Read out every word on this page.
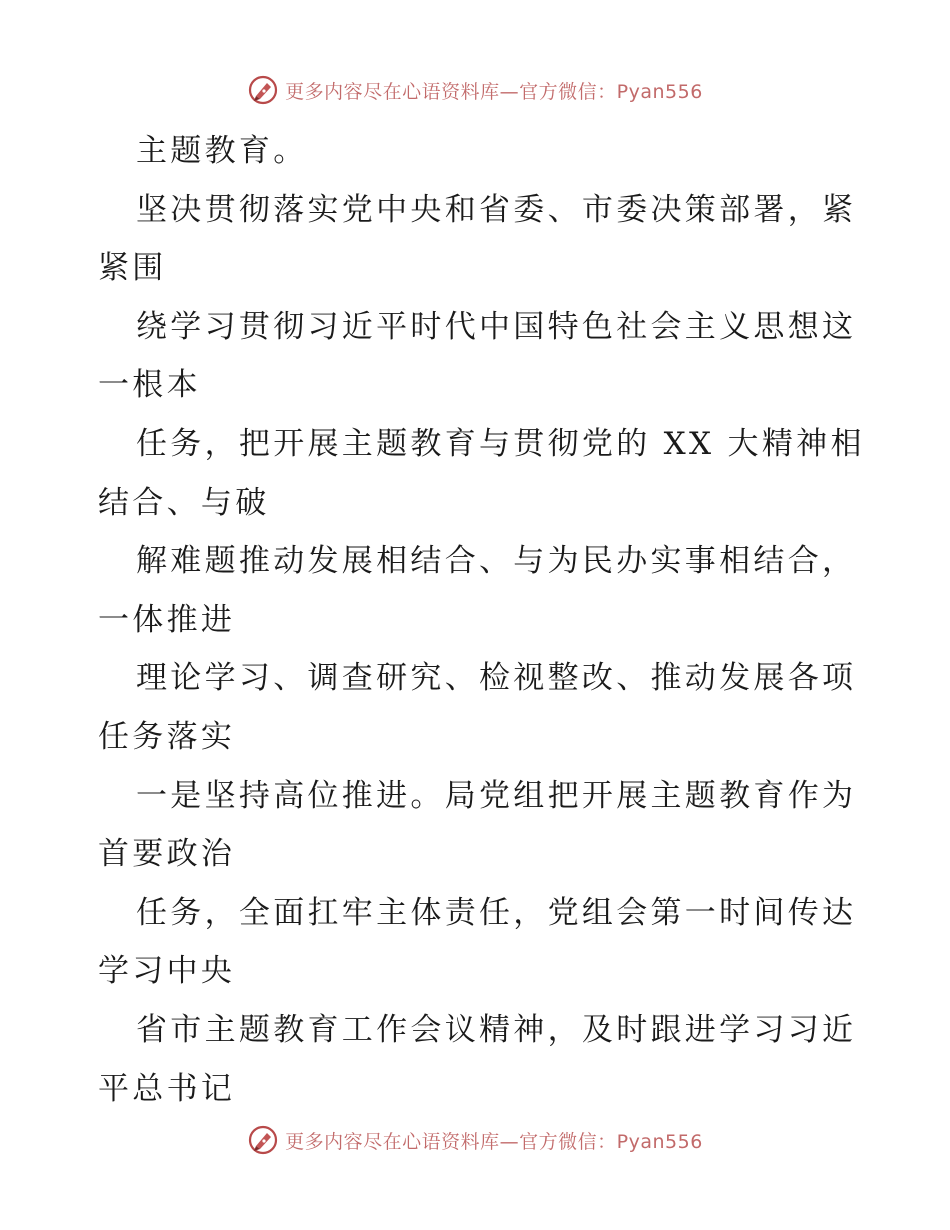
更多内容尽在心语资料库—官方微信：Pyan556
主题教育。
坚决贯彻落实党中央和省委、市委决策部署，紧
紧围
绕学习贯彻习近平时代中国特色社会主义思想这
一根本
任务，把开展主题教育与贯彻党的 XX 大精神相
结合、与破
解难题推动发展相结合、与为民办实事相结合，
一体推进
理论学习、调查研究、检视整改、推动发展各项
任务落实
一是坚持高位推进。局党组把开展主题教育作为
首要政治
任务，全面扛牢主体责任，党组会第一时间传达
学习中央
省市主题教育工作会议精神，及时跟进学习习近
平总书记
更多内容尽在心语资料库—官方微信：Pyan556
